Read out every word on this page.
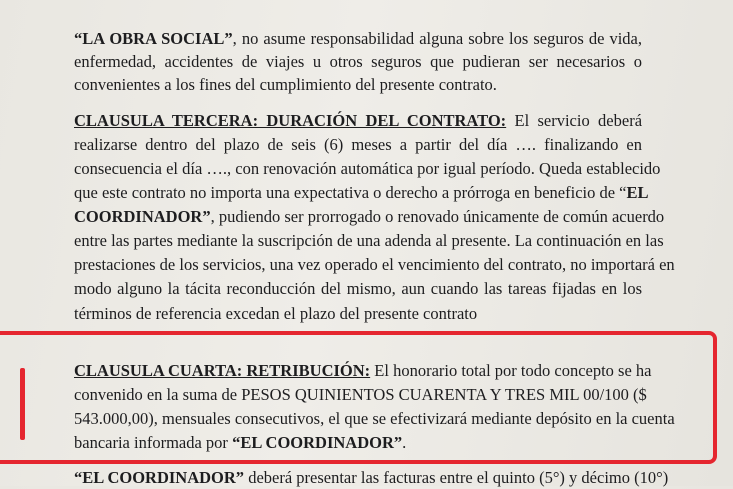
“LA OBRA SOCIAL”, no asume responsabilidad alguna sobre los seguros de vida,
enfermedad, accidentes de viajes u otros seguros que pudieran ser necesarios o
convenientes a los fines del cumplimiento del presente contrato.
CLAUSULA TERCERA: DURACIÓN DEL CONTRATO: El servicio deberá
realizarse dentro del plazo de seis (6) meses a partir del día …. finalizando en
consecuencia el día …., con renovación automática por igual período. Queda establecido
que este contrato no importa una expectativa o derecho a prórroga en beneficio de “EL
COORDINADOR”, pudiendo ser prorrogado o renovado únicamente de común acuerdo
entre las partes mediante la suscripción de una adenda al presente. La continuación en las
prestaciones de los servicios, una vez operado el vencimiento del contrato, no importará en
modo alguno la tácita reconducción del mismo, aun cuando las tareas fijadas en los
términos de referencia excedan el plazo del presente contrato
CLAUSULA CUARTA: RETRIBUCIÓN: El honorario total por todo concepto se ha
convenido en la suma de PESOS QUINIENTOS CUARENTA Y TRES MIL 00/100 ($
543.000,00), mensuales consecutivos, el que se efectivizará mediante depósito en la cuenta
bancaria informada por “EL COORDINADOR”.
“EL COORDINADOR” deberá presentar las facturas entre el quinto (5°) y décimo (10°)
